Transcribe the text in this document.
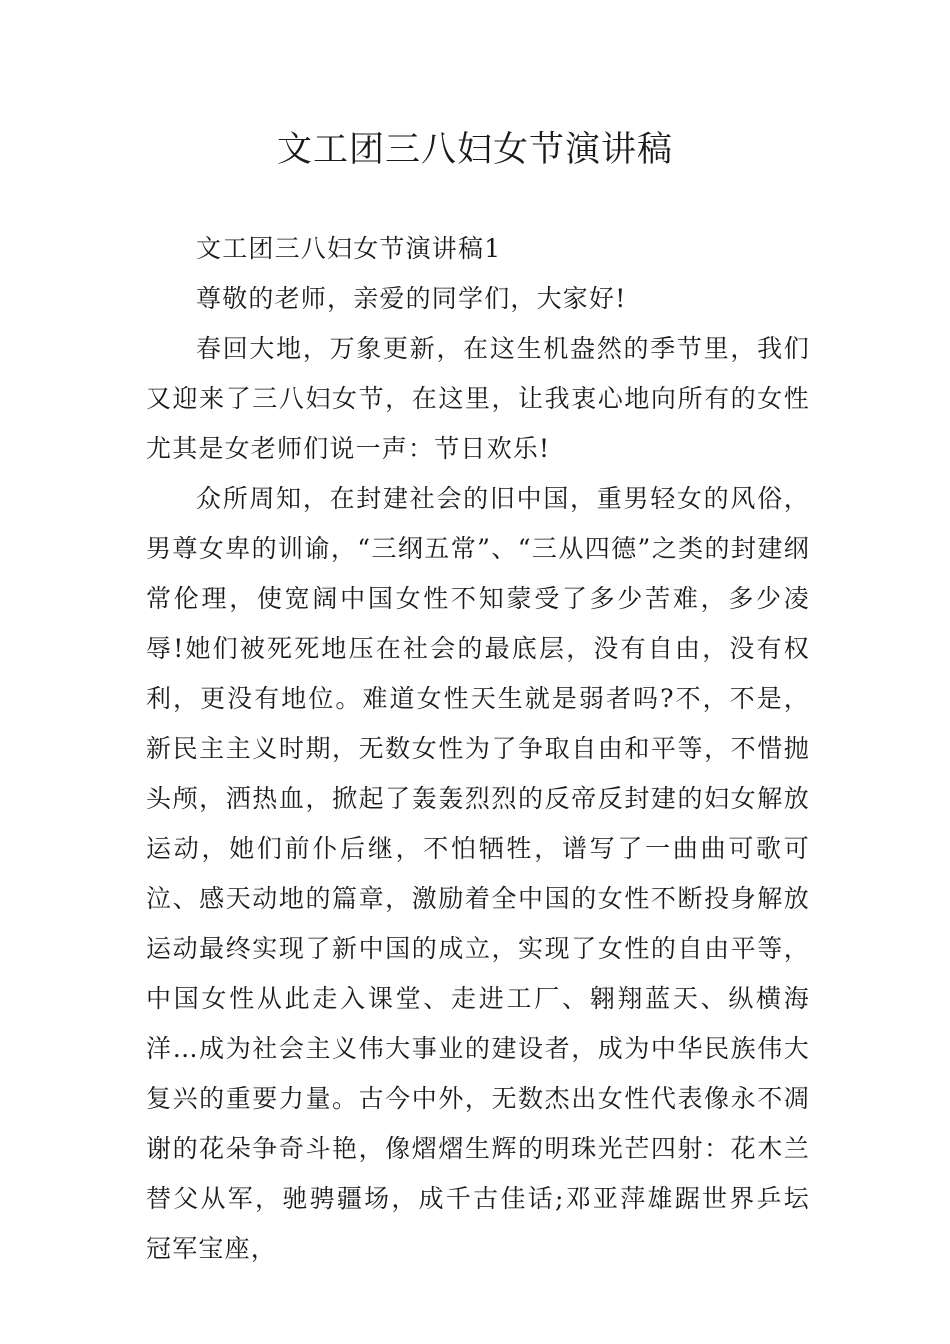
文工团三八妇女节演讲稿

文工团三八妇女节演讲稿1

尊敬的老师，亲爱的同学们，大家好!

春回大地，万象更新，在这生机盎然的季节里，我们又迎来了三八妇女节，在这里，让我衷心地向所有的女性尤其是女老师们说一声：节日欢乐!

众所周知，在封建社会的旧中国，重男轻女的风俗，男尊女卑的训谕，“三纲五常”、“三从四德”之类的封建纲常伦理，使宽阔中国女性不知蒙受了多少苦难，多少凌辱!她们被死死地压在社会的最底层，没有自由，没有权利，更没有地位。难道女性天生就是弱者吗?不，不是，新民主主义时期，无数女性为了争取自由和平等，不惜抛头颅，洒热血，掀起了轰轰烈烈的反帝反封建的妇女解放运动，她们前仆后继，不怕牺牲，谱写了一曲曲可歌可泣、感天动地的篇章，激励着全中国的女性不断投身解放运动最终实现了新中国的成立，实现了女性的自由平等，中国女性从此走入课堂、走进工厂、翱翔蓝天、纵横海洋…成为社会主义伟大事业的建设者，成为中华民族伟大复兴的重要力量。古今中外，无数杰出女性代表像永不凋谢的花朵争奇斗艳，像熠熠生辉的明珠光芒四射：花木兰替父从军，驰骋疆场，成千古佳话;邓亚萍雄踞世界乒坛冠军宝座，
